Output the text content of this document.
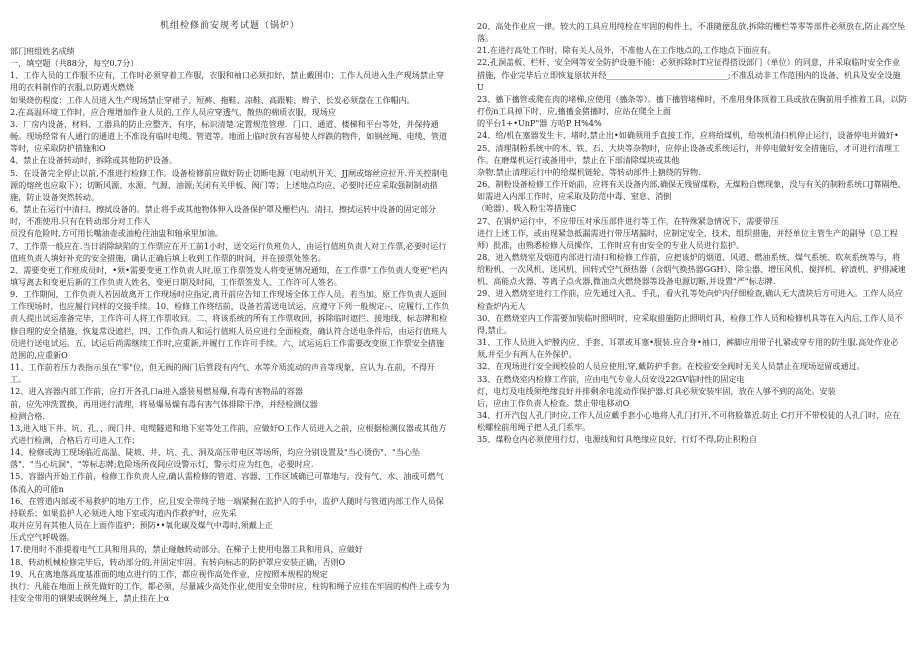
机组检修前安规考试题（锅炉）

部门班组姓名成绩

一，填空题（共88分，每空0.7分）

1、工作人员的工作服不应有，工作时必须穿着工作服，衣服和袖口必须扣好，禁止戴围巾；工作人员进入生产现场禁止穿用的衣料制作的衣服,以防遇火燃烧

如果烧伤程度：工作人员进入生产现场禁止穿裙子、短裤、拖鞋、凉鞋、高跟鞋、辫子、长发必须盘在工作帽内。

2.在高温环境工作时，应合理增加作业人员的,工作人员应穿透气，散热的棉质衣服，现场应

3．厂房内设备、材料、工器具的防止应整齐、有序，标识清楚.定置规范管理．门口、通道、楼梯和平台等处，并保持通畅。现场经常有人通行的通道上不准设有临时电缆、管道等。地面上临时放有容易使人绊跌的物件，如钢丝绳、电缆、管道等时，应采取防护措施和O

4、禁止在设备转动时，拆除或其他防护设备。

5．在设备完全停止以前,不准进行检修工作。设备检修前应做好防止切断电源（电动机开关、JJ闸或熔丝应拉开.开关控制电源的熔丝也应取下）；切断风源、水源、气源、油源;关闭有关甲板、阀门等；上述地点均应、必要时还应采取强制制动措施，防止设备突然转动。

6、禁止在运行中清扫、擦拭设备的。禁止将手或其他物体伸入设备保护罩及栅栏内。清扫、擦拭运转中设备的固定部分时，不准使用.只有在转动部分对工作人

员没有危险时,方可用长嘴油壶或油枪往油盅和轴承里加油。

7、工作票一般应在.当日消除缺陷的工作票应在开工前1小时，送交运行负班负人，由运行值班负责人对工作票,必要时运行值班负责人填好补充的安全措施，确认正确后填上收到工作票的时间，并在接票处签名。

2、需要变更工作班成员时，•须•需要变更工作负责人时,原工作票签发人将变更情况通知，在工作票"工作负责人变更"栏内填写离去和变更后新的工作负责人姓名，变更日期及时间，工作票签发人、工作许可人签名。

9．工作期间，工作负责人若因故离开工作现场时应指定,离开前应告知工作现场全体工作人员。若当加。原工作负责人返回工作现场时，也应履行同样的交接手续。10、检修工作终结前，设备若需送电试运，应遵守下列一般规定:-、应履行,工作负责人提出试运准备完毕，工作许可人将工作票收回。二、将该系统的所有工作票收回，拆除临时遮拦、接地线、标志牌和检修自理的安全措施，恢复常设遮拦，四、工作负责人和运行值班人员应进行全面检查，确认符合送电条件后，由运行值班人员进行送电试运。五、试运后尚需继续工作时,应重新,并履行工作许可手续。六、试运运后工作需要改变原工作票安全措施范围的,应重新O

11、工作前若压力表指示虽在"零"位，但无阀的阀门后管段有内气、水等介质流动的声音等现象，应认为.在前，不得开工。

12、进入容器内部工作前，应打开各孔口a进入盛装易燃易爆,有毒有害物品的容器

前，应先冲洗置换，再用进行清理，将易爆易燥有毒有害气体排除干净，并经检测仪器

检测合格.

13,进入地下井、坑、孔、、阀门井、电缆隧道和地下室等处工作前，应做好O工作人员进入之前，应根据检测仪器或其他方式进行检测，合格后方可进入工作；

14、检修或海工现场临近高温、陡坡、井、坑、孔、洞及高压带电区等场所，均应分别设置及"当心烫伤"、"当心坠落"、"当心坑洞"、"等标志牌;危险场所夜间应设警示灯，警示灯应为红色，必要时应.

15、容器内开始工作前，检修工作负责人应,确认需检修的管道、容器、工作区域确已可靠地与。没有气、水、油或可燃气体流入的可能n

16、在管道内部或不易救护的地方工作，应,且安全带纯子地一端紧握在监护人的手中，监护人随时与管道内部工作人员保持联系；如果监护人必须进入地下室或沟道内作救护时，应先采

取并应另有其他人员在上面作监护；预防••氧化碳及煤气中毒时,须戴上正

压式空气呼吸器。

17.使用时不准提着电气工具和用具的，禁止碰触转动部分。在梯子上使用电器工具和用具，应做好

18、转动机械检修完毕后，转动部分的,并固定牢固。有转向标志的防护罩应安装正确，否则O

19、凡在离地落高度基准面的地点进行的工作，都应视作高处作业，应按照本规程的规定

执行：凡能在地面上预先做好的工作，都必须，尽量减少高处作业,使用安全带时应，柱钩和绳子应挂在牢固的构件上或专为挂安全带用的钢架或钢丝绳上，禁止挂在上α

20、高处作业应一律。较大的工具应用纯栓在牢固的构件上，不准随便乱放.拆除的栅栏等零等部件必须放在,防止高空坠落。

21.在进行高处工作时，除有关人员外，不准他人在工作地点的,工作地点下面应有。

22,孔洞盖板、栏杆、安全网等安全防护设施不能：必须拆除时T应征得搭设部门（单位）的同意，并采取临时安全作业措施，作业完毕后立即恢复原状并经______________________________;不准乱动非工作范围内的设备、机具及安全设施U

23、搐下搐管或爬在肉的堵梯,应使用（搐条等）。搐下搐管堵梯时，不准用身体顶着工具或放在胸前用手推着工具，以防打伤n工具掉下时，应,搐搐金猪搐时，应站在爬全上面

的平台1+•UnP"器 方哈P H%4%

24、给/机在塞器发生卡、堵时,禁止出•如确须用手直接工作，应将给煤机，给埃机清扫机停止运行，设备停电并做好•

25、清理制粉系统中的木、铁、石、大块等杂物时，应停止设备或系统运行，并停电做好安全措施后，才可进行清理工作。在磨煤机运行或备用中，禁止在下部清除煤块或其他

杂物.禁止清理运行中的给煤机链轮、等转动部件上搪绕的异物.

26、制粉设备检修工作开始前，应将有关设备内部,确保无残留煤粉，无煤粉自燃现象，没与有关的制粉系统口J靠隔绝，如需进入内部工作时，应采取及防范中毒、窒息、消倒

（呛器）、吸入粉尘等措施C

27、在锅炉运行中，不应带压对承压部件进行等工作。在特殊紧急情况下，需要带压

进行上述工作，或由现紧急抵漏需进行带压堵漏时，应制定安全、技术、组织措施，并经单位主管生产的副导（总工程师）批准，由熟悉检修人员操作，工作时应有由安全的专业人员进行监护。

28、进入燃烧室及烟道内部进行清扫和检修工作前，应把该炉的烟道、风道、燃油系统、煤气系统、吹灰系统等与，将给粉机、一次风机、送风机、回转式空气预热器（含烟气换热器GGH）、除尘器、增压风机、搅拌机、碎渣机、护排减速机、高能点火器、等离子点火器,微油点火燃烧器等设备电源切断,并设置"严"标志牌.

29、进入燃烧室进行工作前，应先通过入孔、手孔，看火孔等处向炉内仔细检查,确认无大渣块后方可进入。工作人员应检查炉内无人

30、在燃烧室内工作需要加装临时照明时，应采取措施防止照明灯具，检修工作人员和检修机具等在入内后,工作人员不得,禁止。

31、工作人员进入炉膛内应、手套、耳罩或耳塞•服装.应合身•袖口，裤脚应用带子扎紧或穿专用的防生服.高处作业必须,并至少有两人在外保护。

32、在现场进行安全阀校验的人员应使用,穿,戴防护手套。在校验安全阀时无关人员禁止在现场逗留或通过。

33、在燃烧室内检修工作前，应由电气专业人员安设22GV临时性的固定电

灯，电灯及电线须绝缘良好并排剩余电流动作保护器.灯具必须安装牢固，放在人够不到的高处。安装

后，应由工作负责人检查。禁止带电移动O

34、打开汽包人孔门时应,工作人员应戴手套小心地将人孔门打开,不可将脸靠近.防止 C打开不带校徒的人孔门时，应在松螺栓前用绳子把人孔门系牢。

35、煤粉仓内必须使用行灯，电源线和灯具绝缘应良好，行灯不得,防止积粉自
